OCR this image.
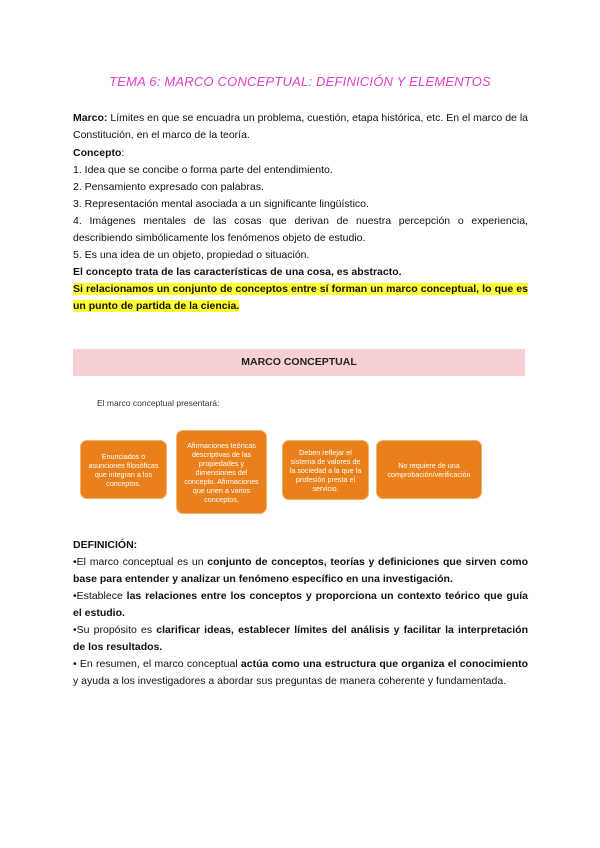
TEMA 6: MARCO CONCEPTUAL: DEFINICIÓN Y ELEMENTOS
Marco: Límites en que se encuadra un problema, cuestión, etapa histórica, etc. En el marco de la Constitución, en el marco de la teoría.

Concepto:

1. Idea que se concibe o forma parte del entendimiento.

2. Pensamiento expresado con palabras.

3. Representación mental asociada a un significante lingüístico.

4. Imágenes mentales de las cosas que derivan de nuestra percepción o experiencia, describiendo simbólicamente los fenómenos objeto de estudio.

5. Es una idea de un objeto, propiedad o situación.

El concepto trata de las características de una cosa, es abstracto.

Si relacionamos un conjunto de conceptos entre sí forman un marco conceptual, lo que es un punto de partida de la ciencia.

MARCO CONCEPTUAL
El marco conceptual presentará:
Enunciados o asunciones filosóficas que integran a los conceptos.
Afirmaciones teóricas descriptivas de las propiedades y dimensiones del concepto. Afirmaciones que unen a varios conceptos.
Deben reflejar el sistema de valores de la sociedad a la que la profesión presta el servicio.
No requiere de una comprobación/verificación

DEFINICIÓN:

•El marco conceptual es un conjunto de conceptos, teorías y definiciones que sirven como base para entender y analizar un fenómeno específico en una investigación.

•Establece las relaciones entre los conceptos y proporciona un contexto teórico que guía el estudio.

•Su propósito es clarificar ideas, establecer límites del análisis y facilitar la interpretación de los resultados.

• En resumen, el marco conceptual actúa como una estructura que organiza el conocimiento y ayuda a los investigadores a abordar sus preguntas de manera coherente y fundamentada.
